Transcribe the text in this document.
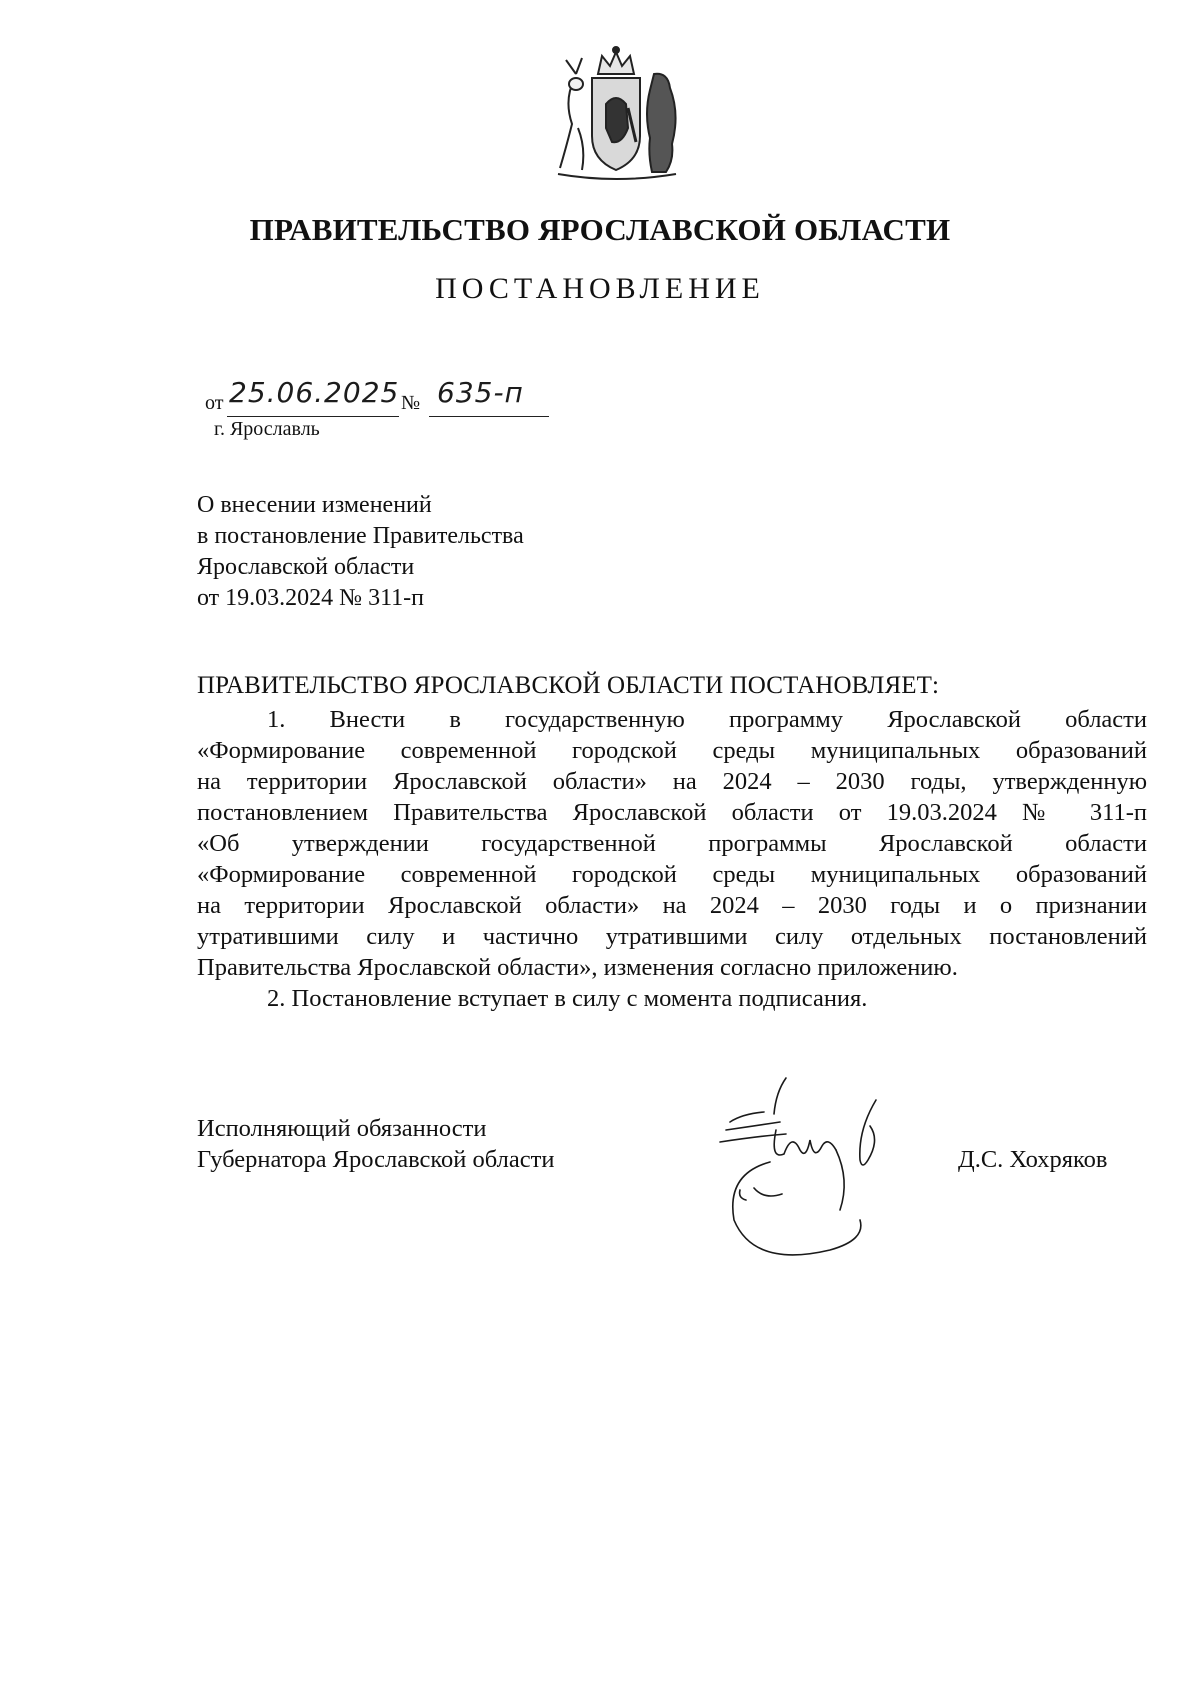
ПРАВИТЕЛЬСТВО ЯРОСЛАВСКОЙ ОБЛАСТИ
ПОСТАНОВЛЕНИЕ
от 25.06.2025 № 635-п
г. Ярославль
О внесении изменений
в постановление Правительства
Ярославской области
от 19.03.2024 № 311-п
ПРАВИТЕЛЬСТВО ЯРОСЛАВСКОЙ ОБЛАСТИ ПОСТАНОВЛЯЕТ:
1. Внести в государственную программу Ярославской области
«Формирование современной городской среды муниципальных образований
на территории Ярославской области» на 2024 – 2030 годы, утвержденную
постановлением Правительства Ярославской области от 19.03.2024 № 311-п
«Об утверждении государственной программы Ярославской области
«Формирование современной городской среды муниципальных образований
на территории Ярославской области» на 2024 – 2030 годы и о признании
утратившими силу и частично утратившими силу отдельных постановлений
Правительства Ярославской области», изменения согласно приложению.
2. Постановление вступает в силу с момента подписания.
Исполняющий обязанности
Губернатора Ярославской области	Д.С. Хохряков
